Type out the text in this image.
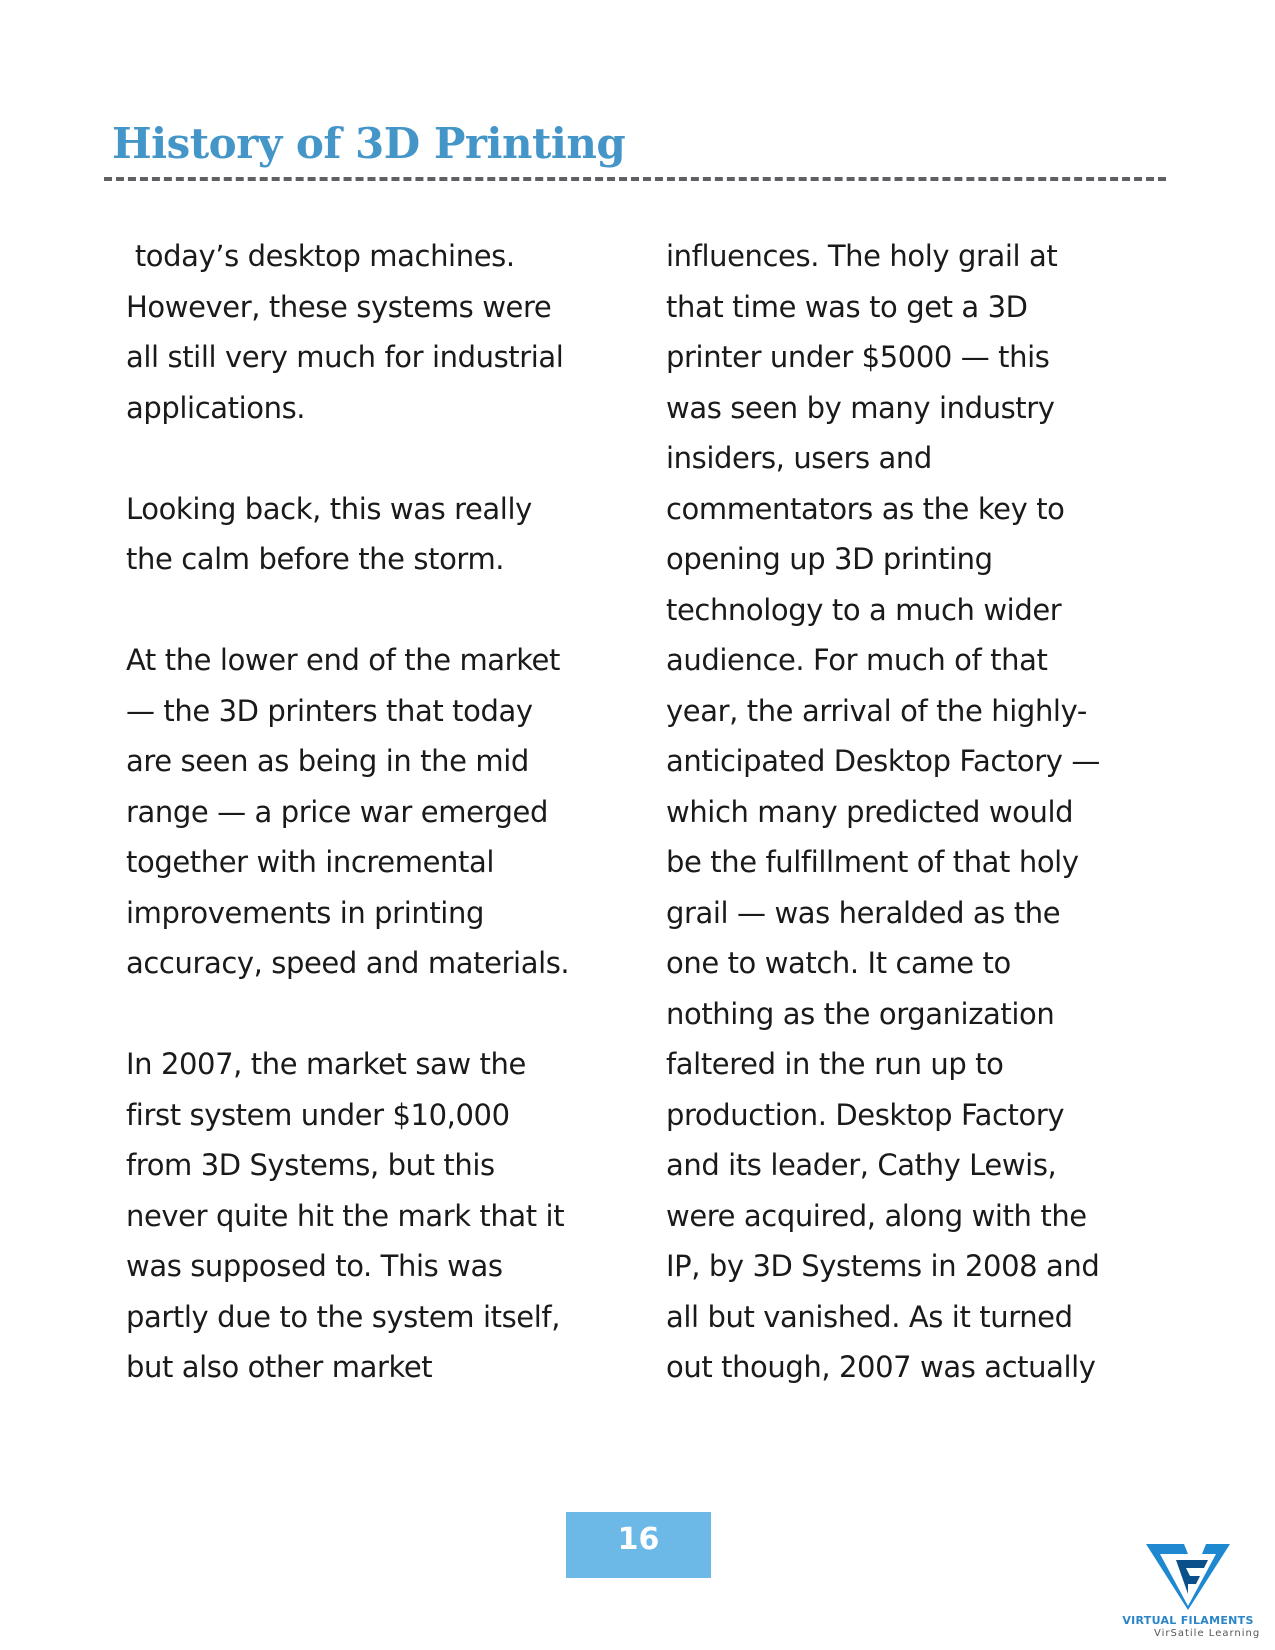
History of 3D Printing
today’s desktop machines.
However, these systems were
all still very much for industrial
applications.
Looking back, this was really
the calm before the storm.
At the lower end of the market
— the 3D printers that today
are seen as being in the mid
range — a price war emerged
together with incremental
improvements in printing
accuracy, speed and materials.
In 2007, the market saw the
first system under $10,000
from 3D Systems, but this
never quite hit the mark that it
was supposed to. This was
partly due to the system itself,
but also other market
influences. The holy grail at
that time was to get a 3D
printer under $5000 — this
was seen by many industry
insiders, users and
commentators as the key to
opening up 3D printing
technology to a much wider
audience. For much of that
year, the arrival of the highly-
anticipated Desktop Factory —
which many predicted would
be the fulfillment of that holy
grail — was heralded as the
one to watch. It came to
nothing as the organization
faltered in the run up to
production. Desktop Factory
and its leader, Cathy Lewis,
were acquired, along with the
IP, by 3D Systems in 2008 and
all but vanished. As it turned
out though, 2007 was actually
16
VIRTUAL FILAMENTS
VirSatile Learning
